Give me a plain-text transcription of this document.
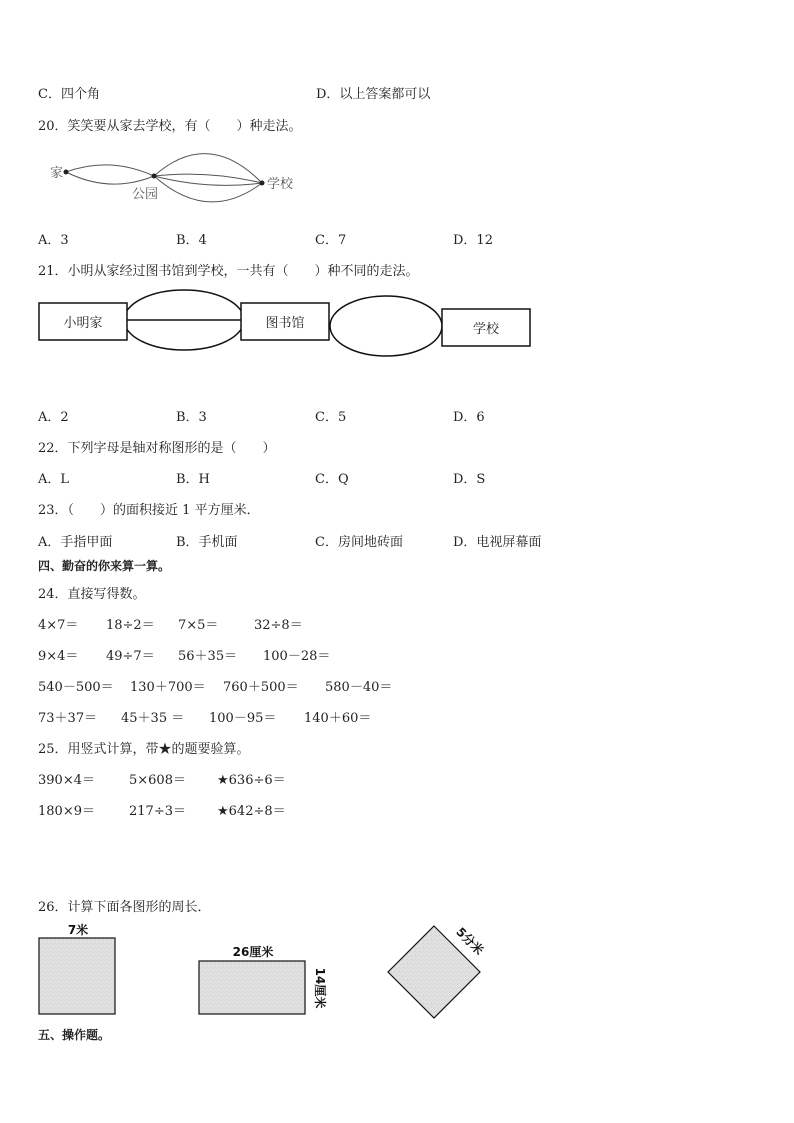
C．四个角	D．以上答案都可以
20．笑笑要从家去学校，有（　　）种走法。
家
公园
学校
A．3	B．4	C．7	D．12
21．小明从家经过图书馆到学校，一共有（　　）种不同的走法。
小明家	图书馆	学校
A．2	B．3	C．5	D．6
22．下列字母是轴对称图形的是（　　）
A．L	B．H	C．Q	D．S
23．（　　）的面积接近 1 平方厘米．
A．手指甲面	B．手机面	C．房间地砖面	D．电视屏幕面
四、勤奋的你来算一算。
24．直接写得数。
4×7＝ 18÷2＝ 7×5＝	32÷8＝
9×4＝ 49÷7＝ 56＋35＝ 100－28＝
540－500＝ 130＋700＝ 760＋500＝ 580－40＝
73＋37＝ 45＋35 ＝ 100－95＝ 140＋60＝
25．用竖式计算，带★的题要验算。
390×4＝	5×608＝ ★636÷6＝
180×9＝	217÷3＝ ★642÷8＝
26．计算下面各图形的周长．
7米
26厘米
14厘米
5分米
五、操作题。
